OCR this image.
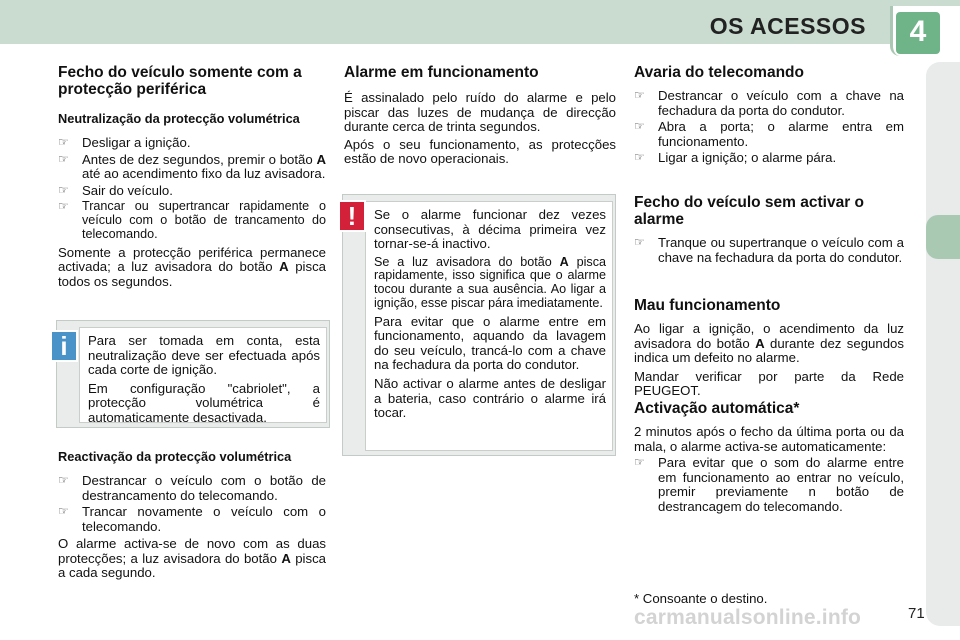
OS ACESSOS	4
Fecho do veículo somente com a protecção periférica
Neutralização da protecção volumétrica
☞ Desligar a ignição.
☞ Antes de dez segundos, premir o botão A até ao acendimento fixo da luz avisadora.
☞ Sair do veículo.
☞ Trancar ou supertrancar rapidamente o veículo com o botão de trancamento do telecomando.

Somente a protecção periférica permanece activada; a luz avisadora do botão A pisca todos os segundos.

Para ser tomada em conta, esta neutralização deve ser efectuada após cada corte de ignição.

Em configuração "cabriolet", a protecção volumétrica é automaticamente desactivada.

i
Reactivação da protecção volumétrica
☞ Destrancar o veículo com o botão de destrancamento do telecomando.
☞ Trancar novamente o veículo com o telecomando.

O alarme activa-se de novo com as duas protecções; a luz avisadora do botão A pisca a cada segundo.

Alarme em funcionamento

É assinalado pelo ruído do alarme e pelo piscar das luzes de mudança de direcção durante cerca de trinta segundos.

Após o seu funcionamento, as protecções estão de novo operacionais.

Se o alarme funcionar dez vezes consecutivas, à décima primeira vez tornar-se-á inactivo.

Se a luz avisadora do botão A pisca rapidamente, isso significa que o alarme tocou durante a sua ausência. Ao ligar a ignição, esse piscar pára imediatamente.

Para evitar que o alarme entre em funcionamento, aquando da lavagem do seu veículo, trancá-lo com a chave na fechadura da porta do condutor.

Não activar o alarme antes de desligar a bateria, caso contrário o alarme irá tocar.

!
Avaria do telecomando
☞ Destrancar o veículo com a chave na fechadura da porta do condutor.
☞ Abra a porta; o alarme entra em funcionamento.
☞ Ligar a ignição; o alarme pára.
Fecho do veículo sem activar o alarme
☞ Tranque ou supertranque o veículo com a chave na fechadura da porta do condutor.
Mau funcionamento

Ao ligar a ignição, o acendimento da luz avisadora do botão A durante dez segundos indica um defeito no alarme.

Mandar verificar por parte da Rede PEUGEOT.

Activação automática*

2 minutos após o fecho da última porta ou da mala, o alarme activa-se automaticamente:

☞ Para evitar que o som do alarme entre em funcionamento ao entrar no veículo, premir previamente n botão de destrancagem do telecomando.
* Consoante o destino.
carmanualsonline.info	71
